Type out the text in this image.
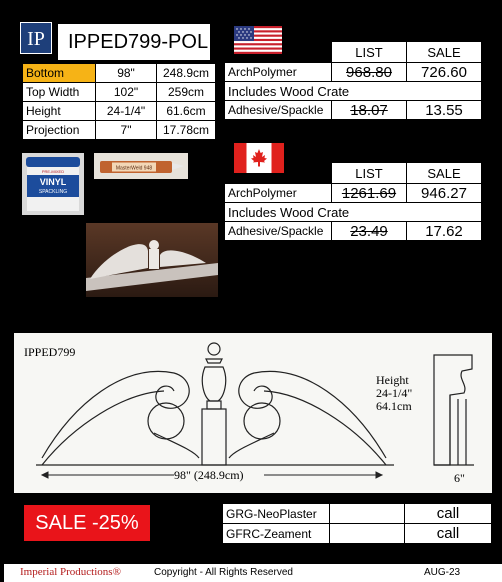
IP	IPPED799-POL
Bottom	98"	248.9cm
Top Width	102"	259cm
Height	24-1/4"	61.6cm
Projection	7"	17.78cm
	LIST	SALE
ArchPolymer	968.80	726.60
Includes Wood Crate		
Adhesive/Spackle	18.07	13.55
	LIST	SALE
ArchPolymer	1261.69	946.27
Includes Wood Crate		
Adhesive/Spackle	23.49	17.62
PRE-MIXED
VINYL
SPACKLING
MasterWeld 948
IPPED799
98" (248.9cm)
Height
24-1/4"
64.1cm
6"
SALE -25%	GRG-NeoPlaster		call
GFRC-Zeament		call
Imperial Productions®	Copyright - All Rights Reserved	AUG-23
